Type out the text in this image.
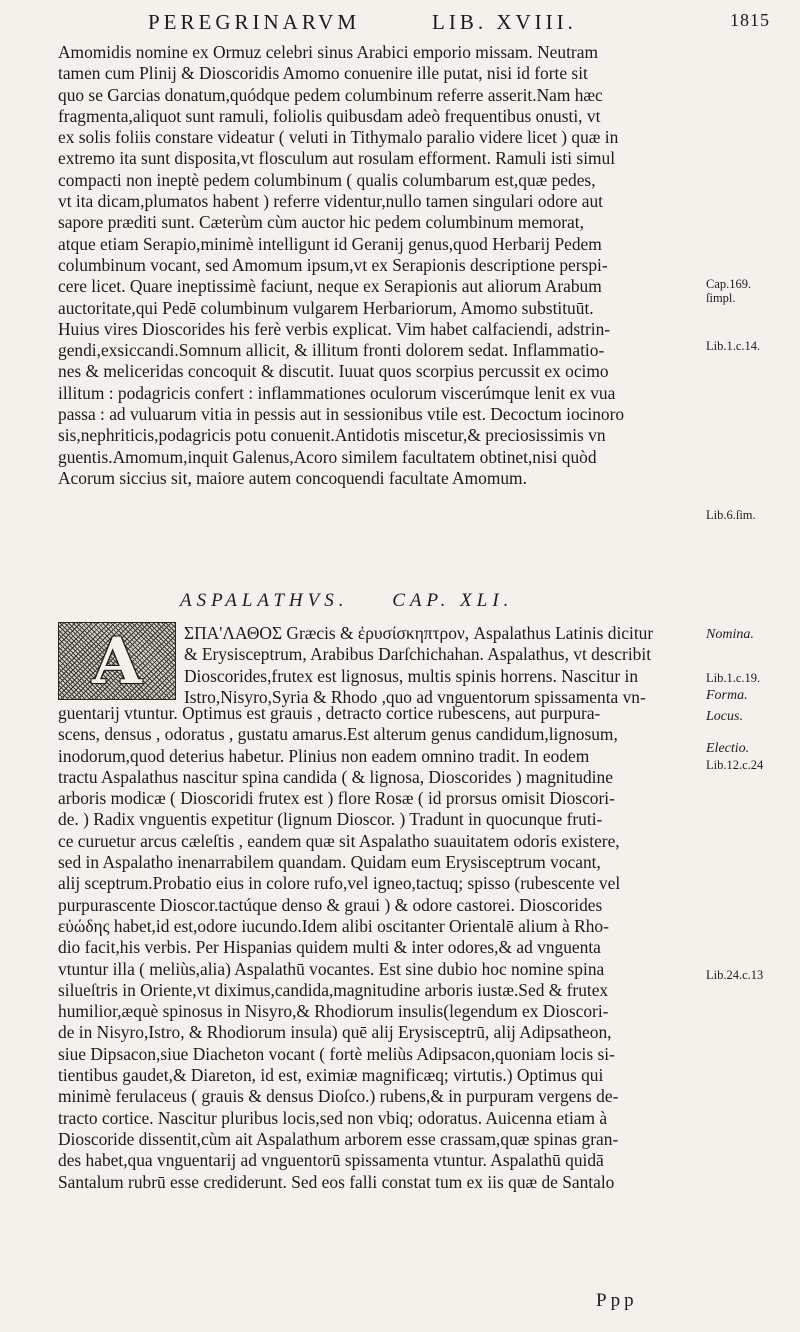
PEREGRINARVM	LIB. XVIII.	1815
Amomidis nomine ex Ormuz celebri sinus Arabici emporio missam. Neutram
tamen cum Plinij & Dioscoridis Amomo conuenire ille putat, nisi id forte sit
quo se Garcias donatum,quódque pedem columbinum referre asserit.Nam hæc
fragmenta,aliquot sunt ramuli, foliolis quibusdam adeò frequentibus onusti, vt
ex solis foliis constare videatur ( veluti in Tithymalo paralio videre licet ) quæ in
extremo ita sunt disposita,vt flosculum aut rosulam efforment. Ramuli isti simul
compacti non ineptè pedem columbinum ( qualis columbarum est,quæ pedes,
vt ita dicam,plumatos habent ) referre videntur,nullo tamen singulari odore aut
sapore præditi sunt. Cæterùm cùm auctor hic pedem columbinum memorat,
atque etiam Serapio,minimè intelligunt id Geranij genus,quod Herbarij Pedem
columbinum vocant, sed Amomum ipsum,vt ex Serapionis descriptione perspi-
cere licet. Quare ineptissimè faciunt, neque ex Serapionis aut aliorum Arabum
auctoritate,qui Pedē columbinum vulgarem Herbariorum, Amomo substituūt.
Huius vires Dioscorides his ferè verbis explicat. Vim habet calfaciendi, adstrin-
gendi,exsiccandi.Somnum allicit, & illitum fronti dolorem sedat. Inflammatio-
nes & meliceridas concoquit & discutit. Iuuat quos scorpius percussit ex ocimo
illitum : podagricis confert : inflammationes oculorum viscerúmque lenit ex vua
passa : ad vuluarum vitia in pessis aut in sessionibus vtile est. Decoctum iocinoro
sis,nephriticis,podagricis potu conuenit.Antidotis miscetur,& preciosissimis vn
guentis.Amomum,inquit Galenus,Acoro similem facultatem obtinet,nisi quòd
Acorum siccius sit, maiore autem concoquendi facultate Amomum.
ASPALATHVS. CAP. XLI.
A	ΣΠΑ'ΛΑΘΟΣ Græcis & ἐρυσίσκηπτρον, Aspalathus Latinis dicitur
& Erysisceptrum, Arabibus Darſchichahan. Aspalathus, vt describit
Dioscorides,frutex est lignosus, multis spinis horrens. Nascitur in
Istro,Nisyro,Syria & Rhodo ,quo ad vnguentorum spissamenta vn-
guentarij vtuntur. Optimus est grauis , detracto cortice rubescens, aut purpura-
scens, densus , odoratus , gustatu amarus.Est alterum genus candidum,lignosum,
inodorum,quod deterius habetur. Plinius non eadem omnino tradit. In eodem
tractu Aspalathus nascitur spina candida ( & lignosa, Dioscorides ) magnitudine
arboris modicæ ( Dioscoridi frutex est ) flore Rosæ ( id prorsus omisit Dioscori-
de. ) Radix vnguentis expetitur (lignum Dioscor. ) Tradunt in quocunque fruti-
ce curuetur arcus cæleſtis , eandem quæ sit Aspalatho suauitatem odoris existere,
sed in Aspalatho inenarrabilem quandam. Quidam eum Erysisceptrum vocant,
alij sceptrum.Probatio eius in colore rufo,vel igneo,tactuq; spisso (rubescente vel
purpurascente Dioscor.tactúque denso & graui ) & odore castorei. Dioscorides
εὐώδης habet,id est,odore iucundo.Idem alibi oscitanter Orientalē alium à Rho-
dio facit,his verbis. Per Hispanias quidem multi & inter odores,& ad vnguenta
vtuntur illa ( meliùs,alia) Aspalathū vocantes. Est sine dubio hoc nomine spina
silueſtris in Oriente,vt diximus,candida,magnitudine arboris iustæ.Sed & frutex
humilior,æquè spinosus in Nisyro,& Rhodiorum insulis(legendum ex Dioscori-
de in Nisyro,Istro, & Rhodiorum insula) quē alij Erysisceptrū, alij Adipsatheon,
siue Dipsacon,siue Diacheton vocant ( fortè meliùs Adipsacon,quoniam locis si-
tientibus gaudet,& Diareton, id est, eximiæ magnificæq; virtutis.) Optimus qui
minimè ferulaceus ( grauis & densus Dioſco.) rubens,& in purpuram vergens de-
tracto cortice. Nascitur pluribus locis,sed non vbiq; odoratus. Auicenna etiam à
Dioscoride dissentit,cùm ait Aspalathum arborem esse crassam,quæ spinas gran-
des habet,qua vnguentarij ad vnguentorū spissamenta vtuntur. Aspalathū quidā
Santalum rubrū esse crediderunt. Sed eos falli constat tum ex iis quæ de Santalo
Cap.169.
ſimpl.
Lib.1.c.14.
Lib.6.ſim.
Nomina.
Lib.1.c.19.
Forma.
Locus.
Electio.
Lib.12.c.24
Lib.24.c.13
Ppp
